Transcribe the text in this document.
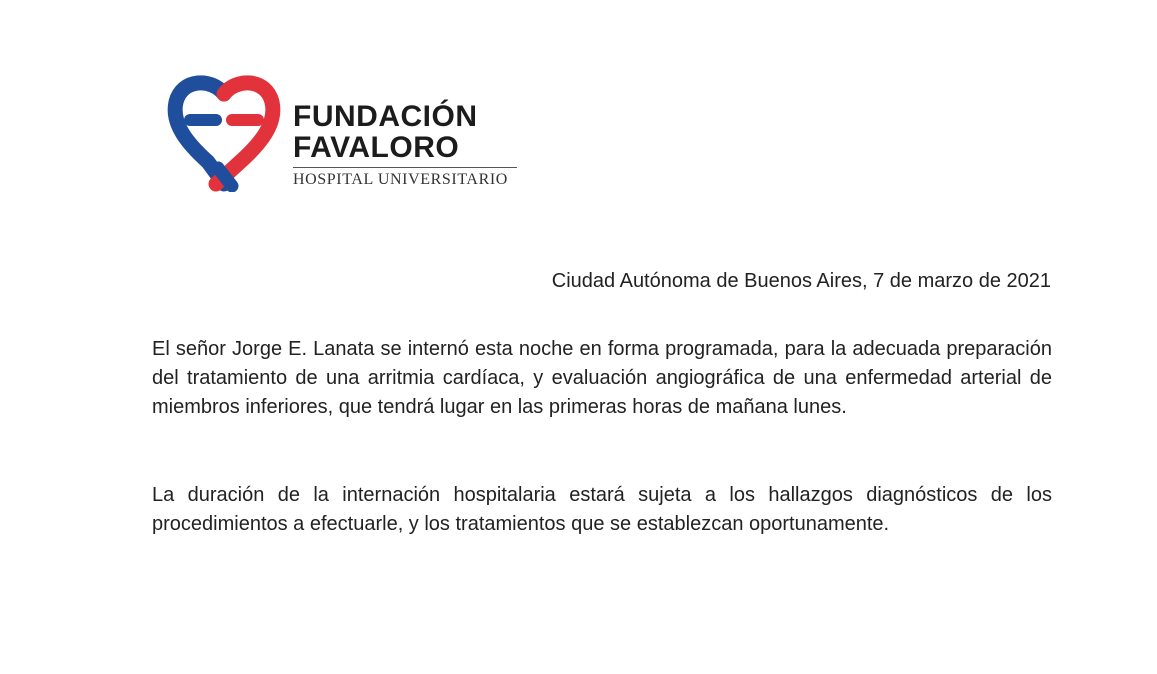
FUNDACIÓN
FAVALORO
HOSPITAL UNIVERSITARIO
Ciudad Autónoma de Buenos Aires, 7 de marzo de 2021
El señor Jorge E. Lanata se internó esta noche en forma programada, para la adecuada preparación del tratamiento de una arritmia cardíaca, y evaluación angiográfica de una enfermedad arterial de miembros inferiores, que tendrá lugar en las primeras horas de mañana lunes.
La duración de la internación hospitalaria estará sujeta a los hallazgos diagnósticos de los procedimientos a efectuarle, y los tratamientos que se establezcan oportunamente.
